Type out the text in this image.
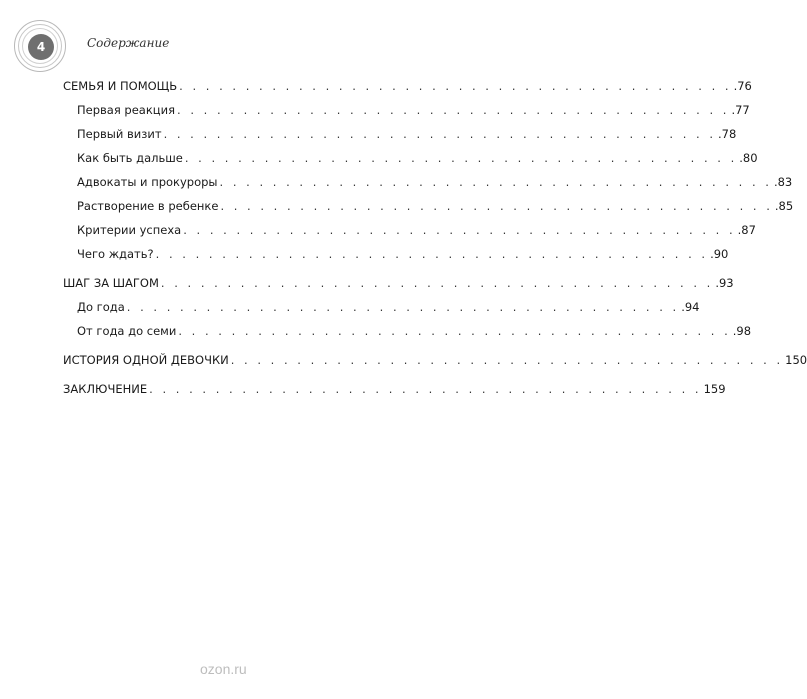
4	Содержание
СЕМЬЯ И ПОМОЩЬ . . . . . . . . . . . . . . . . . . . . . . . . . . . . . . . . . . . . . . . . . . .76
Первая реакция . . . . . . . . . . . . . . . . . . . . . . . . . . . . . . . . . . . . . . . . . . .77
Первый визит . . . . . . . . . . . . . . . . . . . . . . . . . . . . . . . . . . . . . . . . . . .78
Как быть дальше . . . . . . . . . . . . . . . . . . . . . . . . . . . . . . . . . . . . . . . . . . .80
Адвокаты и прокуроры . . . . . . . . . . . . . . . . . . . . . . . . . . . . . . . . . . . . . . . . . . .83
Растворение в ребенке . . . . . . . . . . . . . . . . . . . . . . . . . . . . . . . . . . . . . . . . . . .85
Критерии успеха . . . . . . . . . . . . . . . . . . . . . . . . . . . . . . . . . . . . . . . . . . .87
Чего ждать? . . . . . . . . . . . . . . . . . . . . . . . . . . . . . . . . . . . . . . . . . . .90
ШАГ ЗА ШАГОМ . . . . . . . . . . . . . . . . . . . . . . . . . . . . . . . . . . . . . . . . . . .93
До года . . . . . . . . . . . . . . . . . . . . . . . . . . . . . . . . . . . . . . . . . . .94
От года до семи . . . . . . . . . . . . . . . . . . . . . . . . . . . . . . . . . . . . . . . . . . .98
ИСТОРИЯ ОДНОЙ ДЕВОЧКИ . . . . . . . . . . . . . . . . . . . . . . . . . . . . . . . . . . . . . . . . . . 150
ЗАКЛЮЧЕНИЕ . . . . . . . . . . . . . . . . . . . . . . . . . . . . . . . . . . . . . . . . . . 159
ozon.ru
